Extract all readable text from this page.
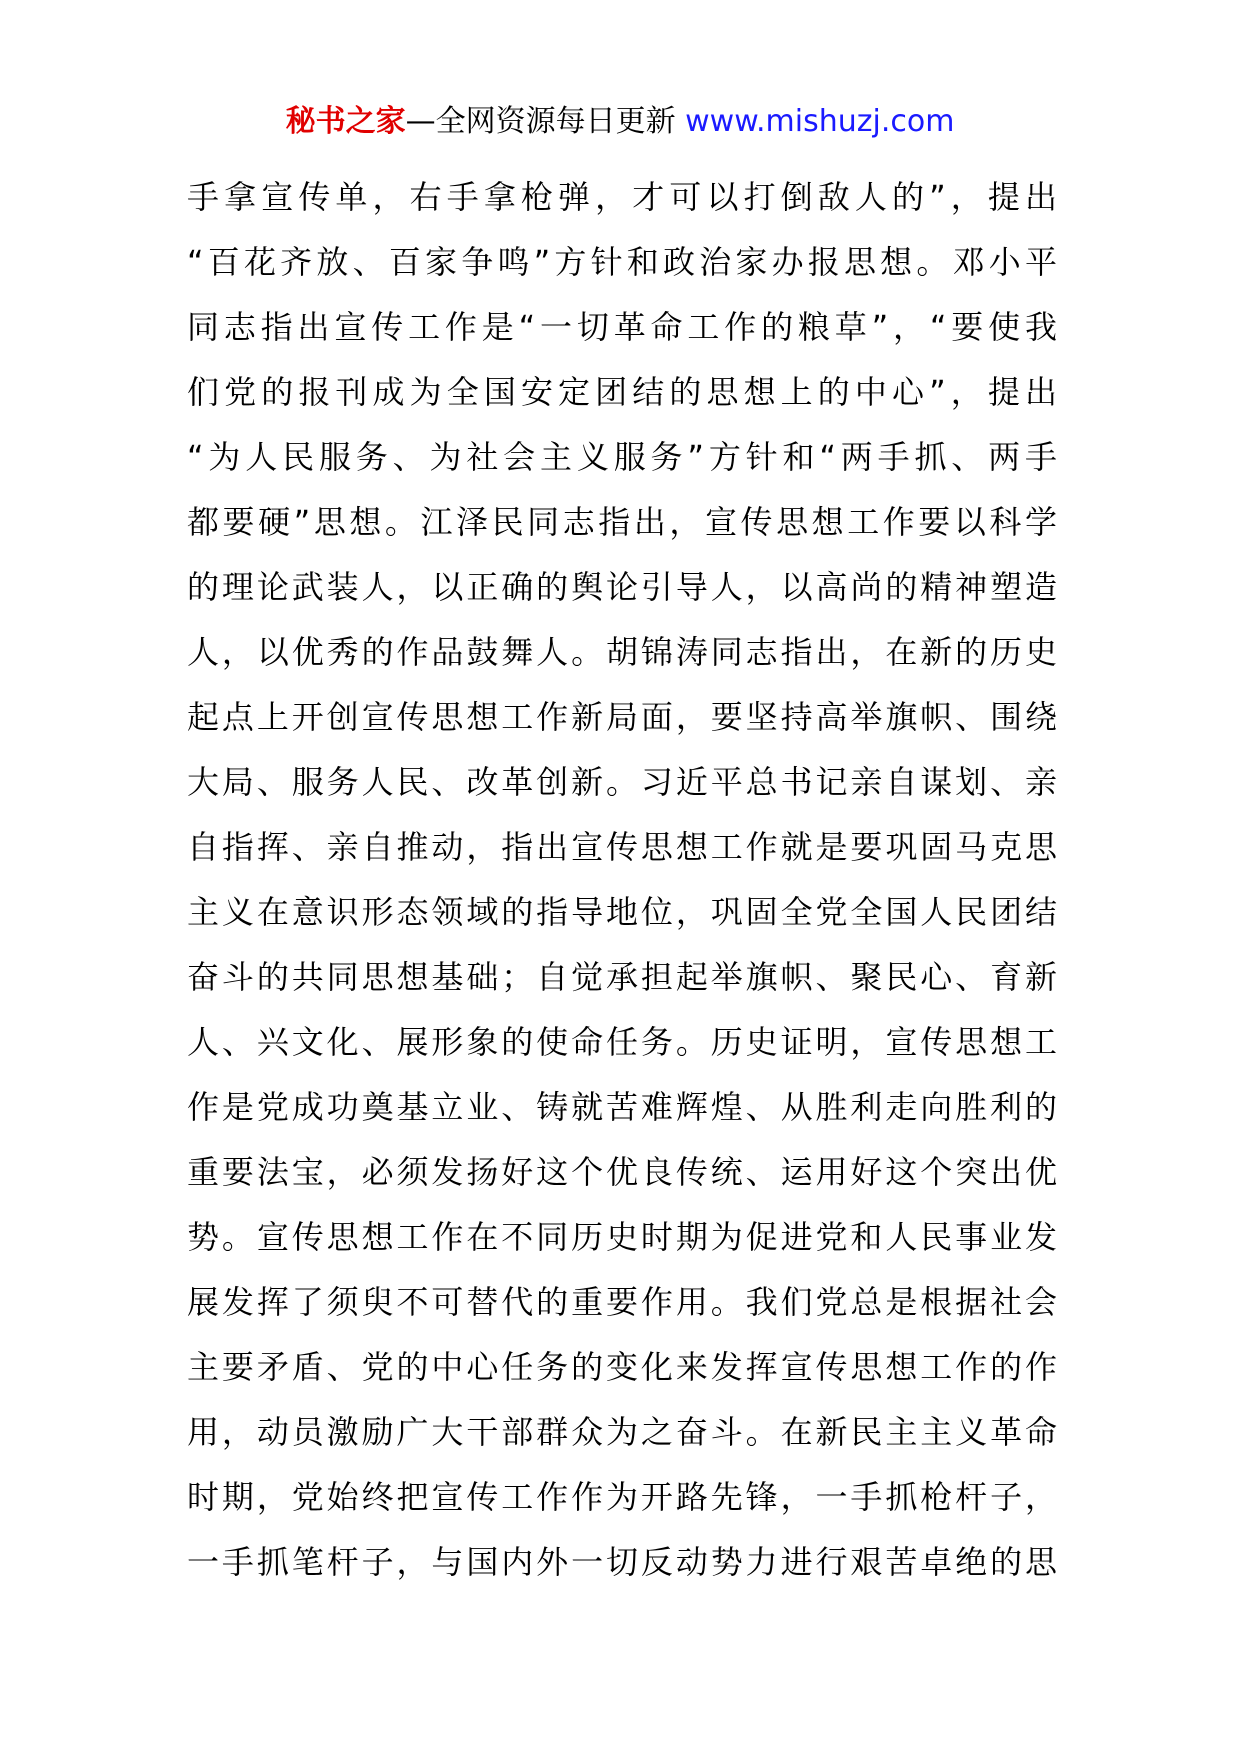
秘书之家—全网资源每日更新 www.mishuzj.com
手拿宣传单，右手拿枪弹，才可以打倒敌人的”，提出
“百花齐放、百家争鸣”方针和政治家办报思想。邓小平
同志指出宣传工作是“一切革命工作的粮草”，“要使我
们党的报刊成为全国安定团结的思想上的中心”，提出
“为人民服务、为社会主义服务”方针和“两手抓、两手
都要硬”思想。江泽民同志指出，宣传思想工作要以科学
的理论武装人，以正确的舆论引导人，以高尚的精神塑造
人，以优秀的作品鼓舞人。胡锦涛同志指出，在新的历史
起点上开创宣传思想工作新局面，要坚持高举旗帜、围绕
大局、服务人民、改革创新。习近平总书记亲自谋划、亲
自指挥、亲自推动，指出宣传思想工作就是要巩固马克思
主义在意识形态领域的指导地位，巩固全党全国人民团结
奋斗的共同思想基础；自觉承担起举旗帜、聚民心、育新
人、兴文化、展形象的使命任务。历史证明，宣传思想工
作是党成功奠基立业、铸就苦难辉煌、从胜利走向胜利的
重要法宝，必须发扬好这个优良传统、运用好这个突出优
势。宣传思想工作在不同历史时期为促进党和人民事业发
展发挥了须臾不可替代的重要作用。我们党总是根据社会
主要矛盾、党的中心任务的变化来发挥宣传思想工作的作
用，动员激励广大干部群众为之奋斗。在新民主主义革命
时期，党始终把宣传工作作为开路先锋，一手抓枪杆子，
一手抓笔杆子，与国内外一切反动势力进行艰苦卓绝的思
